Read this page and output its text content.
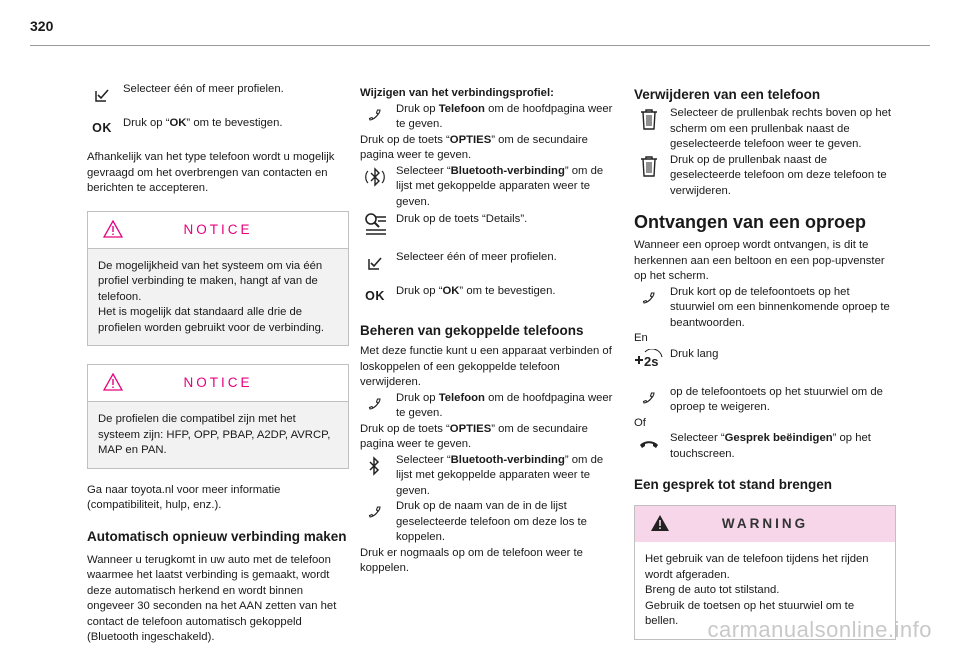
320

Selecteer één of meer profielen.

OK Druk op “OK” om te bevestigen.

Afhankelijk van het type telefoon wordt u mogelijk gevraagd om het overbrengen van contacten en berichten te accepteren.

NOTICE

De mogelijkheid van het systeem om via één profiel verbinding te maken, hangt af van de telefoon.

Het is mogelijk dat standaard alle drie de profielen worden gebruikt voor de verbinding.

NOTICE

De profielen die compatibel zijn met het systeem zijn: HFP, OPP, PBAP, A2DP, AVRCP, MAP en PAN.

Ga naar toyota.nl voor meer informatie (compatibiliteit, hulp, enz.).

Automatisch opnieuw verbinding maken

Wanneer u terugkomt in uw auto met de telefoon waarmee het laatst verbinding is gemaakt, wordt deze automatisch herkend en wordt binnen ongeveer 30 seconden na het AAN zetten van het contact de telefoon automatisch gekoppeld (Bluetooth ingeschakeld).

Wijzigen van het verbindingsprofiel:

Druk op Telefoon om de hoofdpagina weer te geven.

Druk op de toets “OPTIES” om de secundaire pagina weer te geven.

Selecteer “Bluetooth-verbinding” om de lijst met gekoppelde apparaten weer te geven.

Druk op de toets “Details”.

Selecteer één of meer profielen.

OK Druk op “OK” om te bevestigen.

Beheren van gekoppelde telefoons

Met deze functie kunt u een apparaat verbinden of loskoppelen of een gekoppelde telefoon verwijderen.

Druk op Telefoon om de hoofdpagina weer te geven.

Druk op de toets “OPTIES” om de secundaire pagina weer te geven.

Selecteer “Bluetooth-verbinding” om de lijst met gekoppelde apparaten weer te geven.

Druk op de naam van de in de lijst geselecteerde telefoon om deze los te koppelen.

Druk er nogmaals op om de telefoon weer te koppelen.

Verwijderen van een telefoon

Selecteer de prullenbak rechts boven op het scherm om een prullenbak naast de geselecteerde telefoon weer te geven.

Druk op de prullenbak naast de geselecteerde telefoon om deze telefoon te verwijderen.

Ontvangen van een oproep

Wanneer een oproep wordt ontvangen, is dit te herkennen aan een beltoon en een pop-upvenster op het scherm.

Druk kort op de telefoontoets op het stuurwiel om een binnenkomende oproep te beantwoorden.

En

2s Druk lang

op de telefoontoets op het stuurwiel om de oproep te weigeren.

Of

Selecteer “Gesprek beëindigen” op het touchscreen.

Een gesprek tot stand brengen
WARNING

Het gebruik van de telefoon tijdens het rijden wordt afgeraden.

Breng de auto tot stilstand.

Gebruik de toetsen op het stuurwiel om te bellen.	carmanualsonline.info
